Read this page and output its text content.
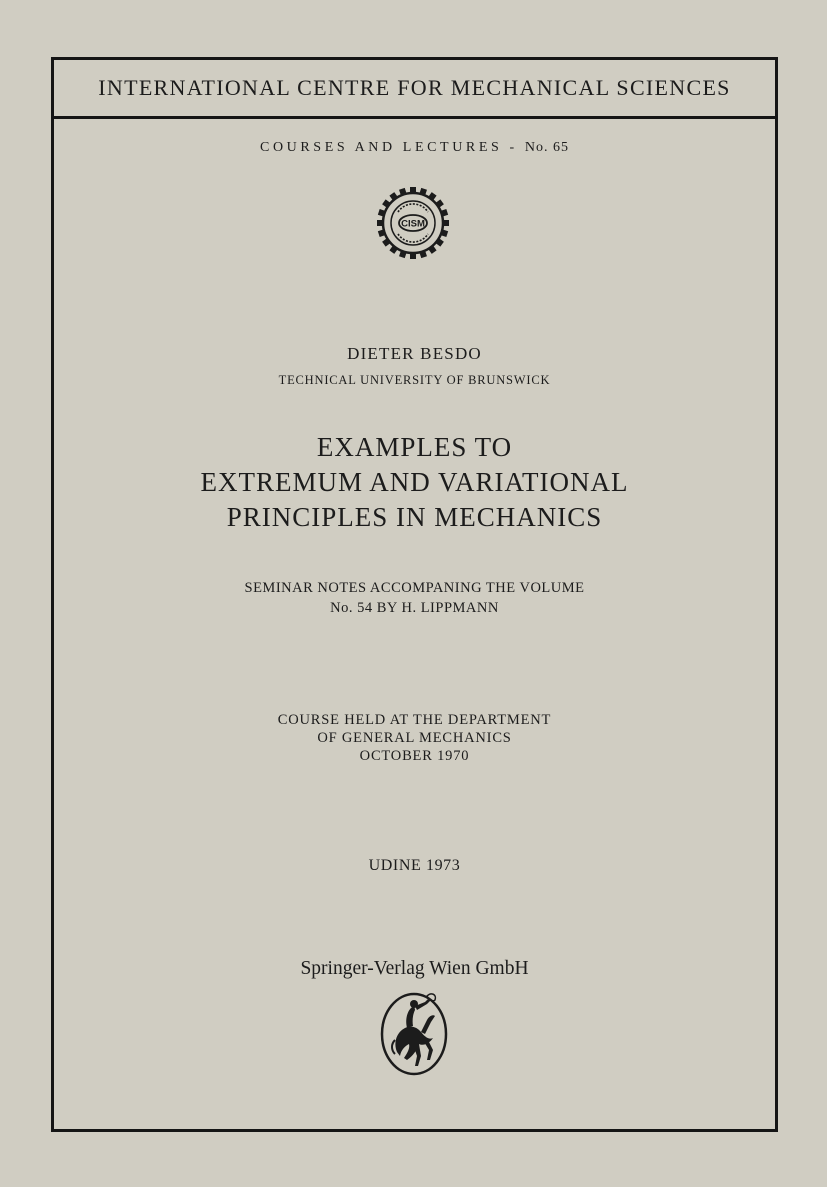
INTERNATIONAL CENTRE FOR MECHANICAL SCIENCES
COURSES AND LECTURES - No. 65
CISM
DIETER BESDO
TECHNICAL UNIVERSITY OF BRUNSWICK
EXAMPLES TO
EXTREMUM AND VARIATIONAL
PRINCIPLES IN MECHANICS
SEMINAR NOTES ACCOMPANING THE VOLUME
No. 54 BY H. LIPPMANN
COURSE HELD AT THE DEPARTMENT
OF GENERAL MECHANICS
OCTOBER 1970
UDINE 1973
Springer-Verlag Wien GmbH
